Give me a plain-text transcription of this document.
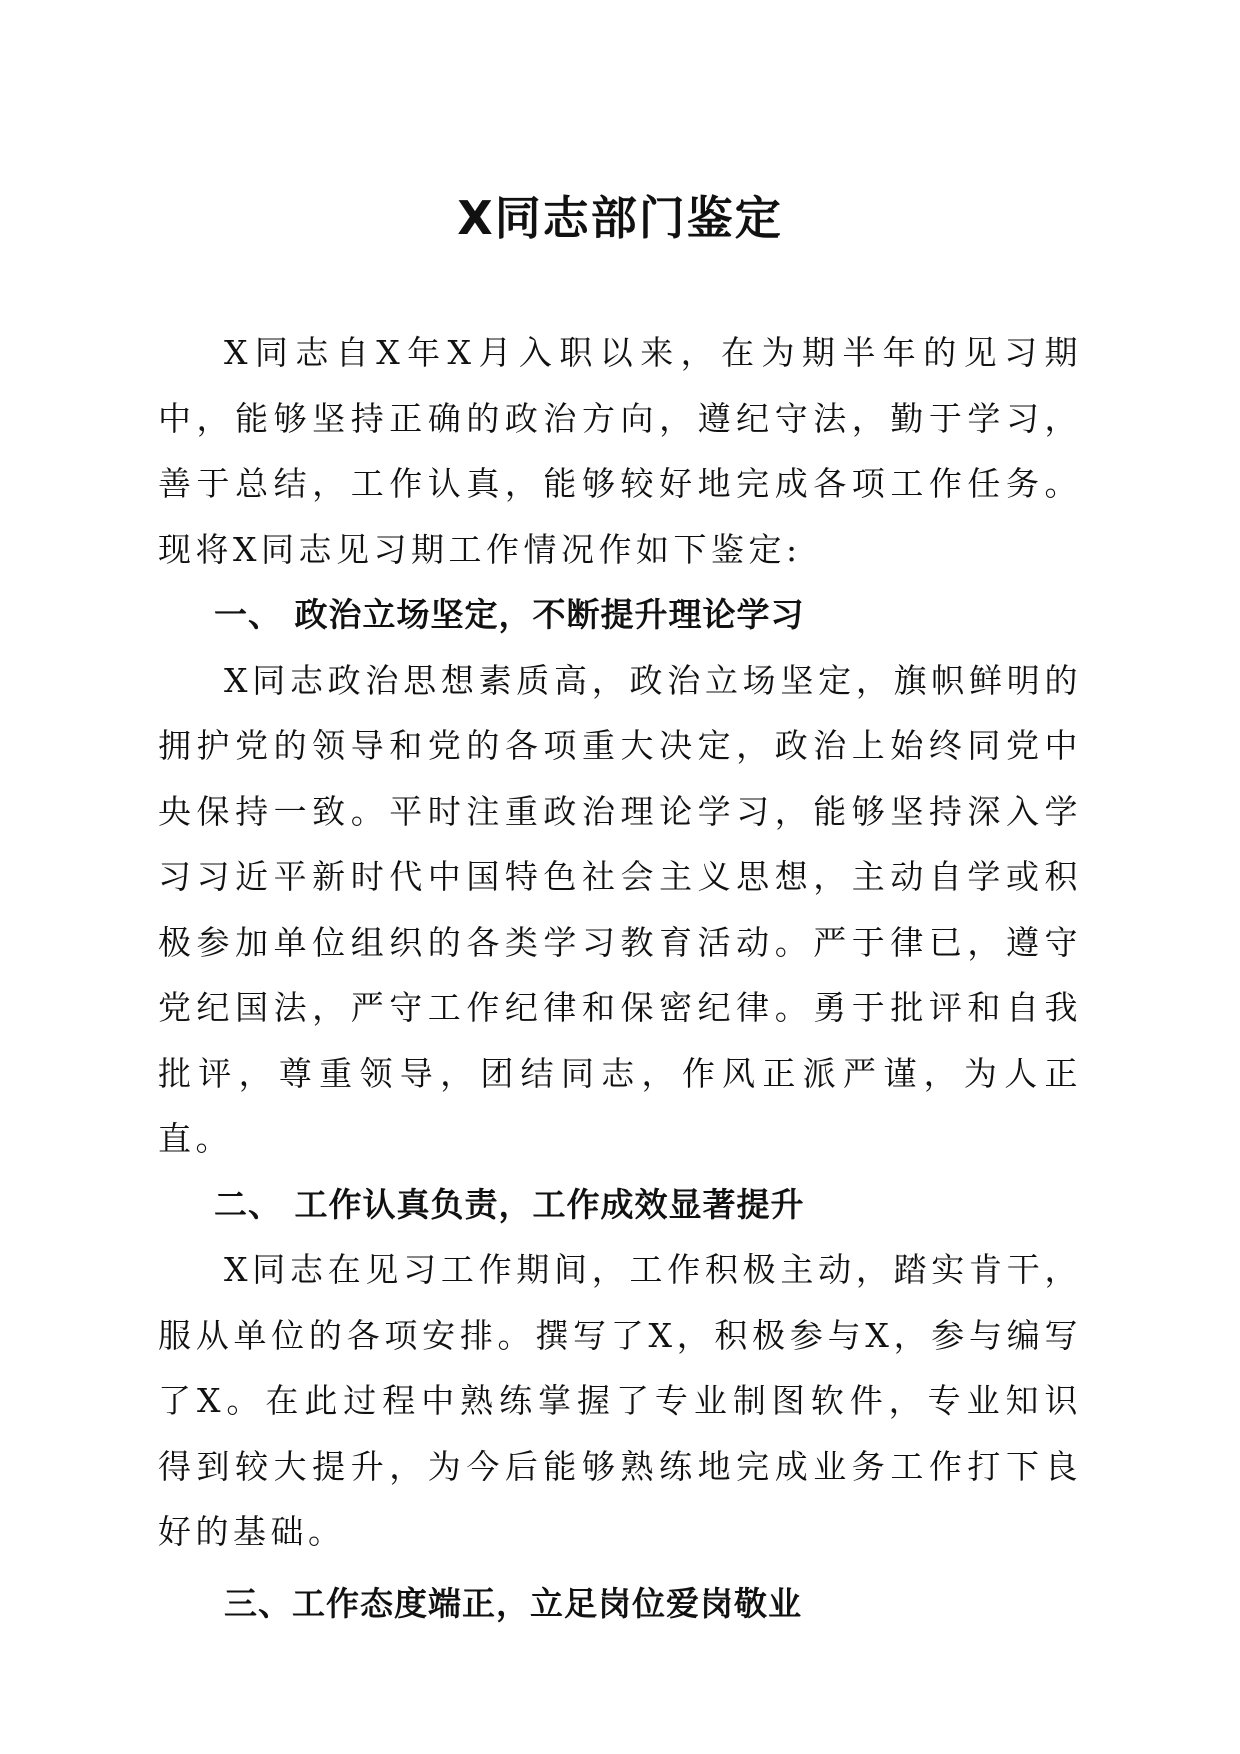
X同志部门鉴定

X同志自X年X月入职以来，在为期半年的见习期中，能够坚持正确的政治方向，遵纪守法，勤于学习，善于总结，工作认真，能够较好地完成各项工作任务。现将X同志见习期工作情况作如下鉴定:

一、 政治立场坚定，不断提升理论学习

X同志政治思想素质高，政治立场坚定，旗帜鲜明的拥护党的领导和党的各项重大决定，政治上始终同党中央保持一致。平时注重政治理论学习，能够坚持深入学习习近平新时代中国特色社会主义思想，主动自学或积极参加单位组织的各类学习教育活动。严于律已，遵守党纪国法，严守工作纪律和保密纪律。勇于批评和自我批评，尊重领导，团结同志，作风正派严谨，为人正直。

二、 工作认真负责，工作成效显著提升

X同志在见习工作期间，工作积极主动，踏实肯干，服从单位的各项安排。撰写了X，积极参与X，参与编写了X。在此过程中熟练掌握了专业制图软件，专业知识得到较大提升，为今后能够熟练地完成业务工作打下良好的基础。

三、工作态度端正，立足岗位爱岗敬业
